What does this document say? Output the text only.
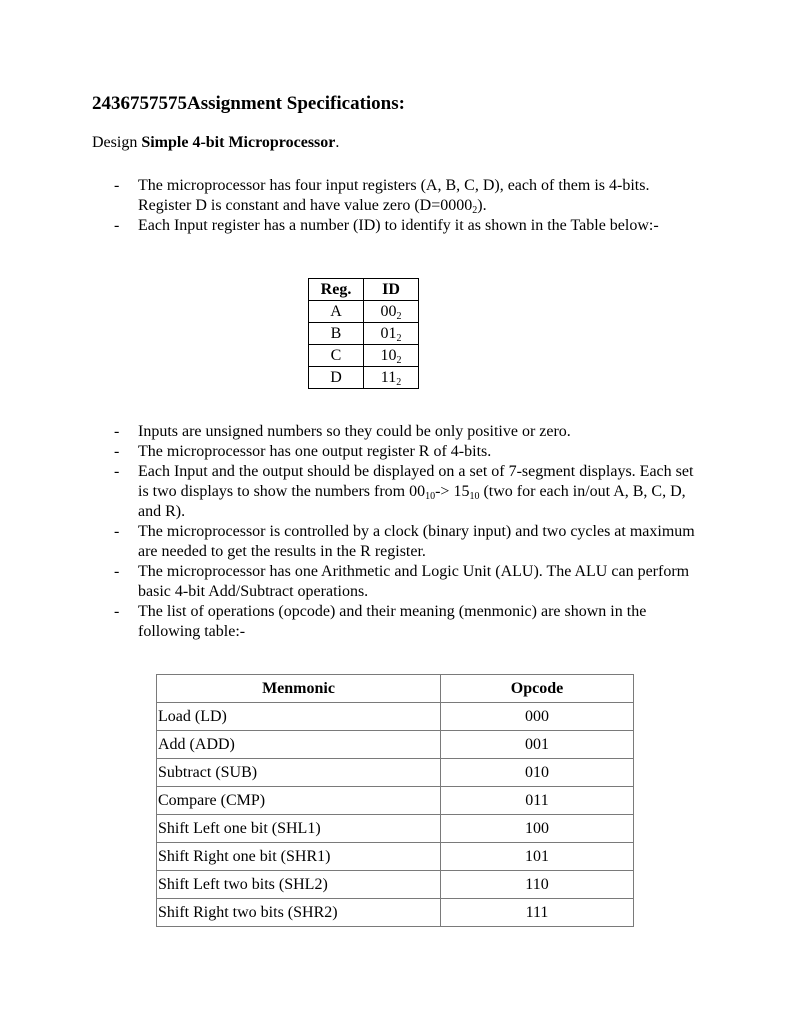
2436757575Assignment Specifications:

Design Simple 4-bit Microprocessor.

- The microprocessor has four input registers (A, B, C, D), each of them is 4-bits. Register D is constant and have value zero $(D=0000_2)$.
- Each Input register has a number (ID) to identify it as shown in the Table below:-
Reg.	ID
A	$00_2$
B	$01_2$
C	$10_2$
D	$11_2$
- Inputs are unsigned numbers so they could be only positive or zero.
- The microprocessor has one output register R of 4-bits.
- Each Input and the output should be displayed on a set of 7-segment displays. Each set is two displays to show the numbers from $00_{10}-> 15_{10}$ (two for each in/out A, B, C, D, and R).
- The microprocessor is controlled by a clock (binary input) and two cycles at maximum are needed to get the results in the R register.
- The microprocessor has one Arithmetic and Logic Unit (ALU). The ALU can perform basic 4-bit Add/Subtract operations.
- The list of operations (opcode) and their meaning (menmonic) are shown in the following table:-
Menmonic	Opcode
Load (LD)	000
Add (ADD)	001
Subtract (SUB)	010
Compare (CMP)	011
Shift Left one bit (SHL1)	100
Shift Right one bit (SHR1)	101
Shift Left two bits (SHL2)	110
Shift Right two bits (SHR2)	111
